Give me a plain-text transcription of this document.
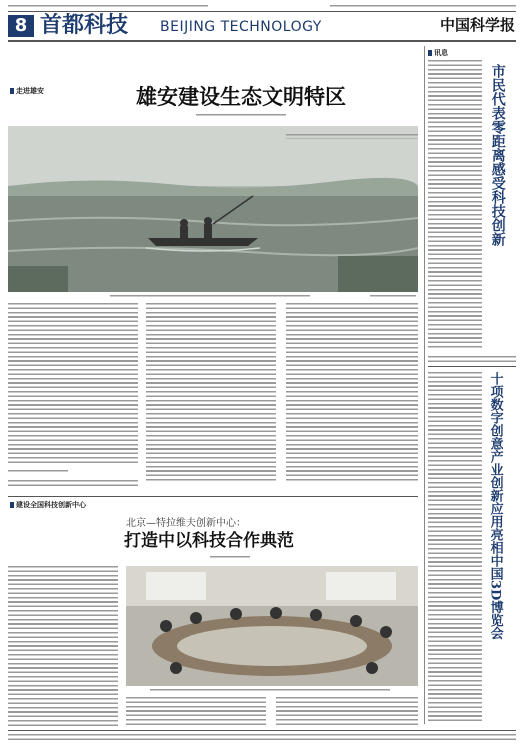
8 首都科技 BEIJING TECHNOLOGY	中国科学报
走进雄安	雄安建设生态文明特区
建设全国科技创新中心
北京—特拉维夫创新中心：
打造中以科技合作典范
讯息
市民代表零距离感受科技创新
十项数字创意产业创新应用亮相中国3D博览会
